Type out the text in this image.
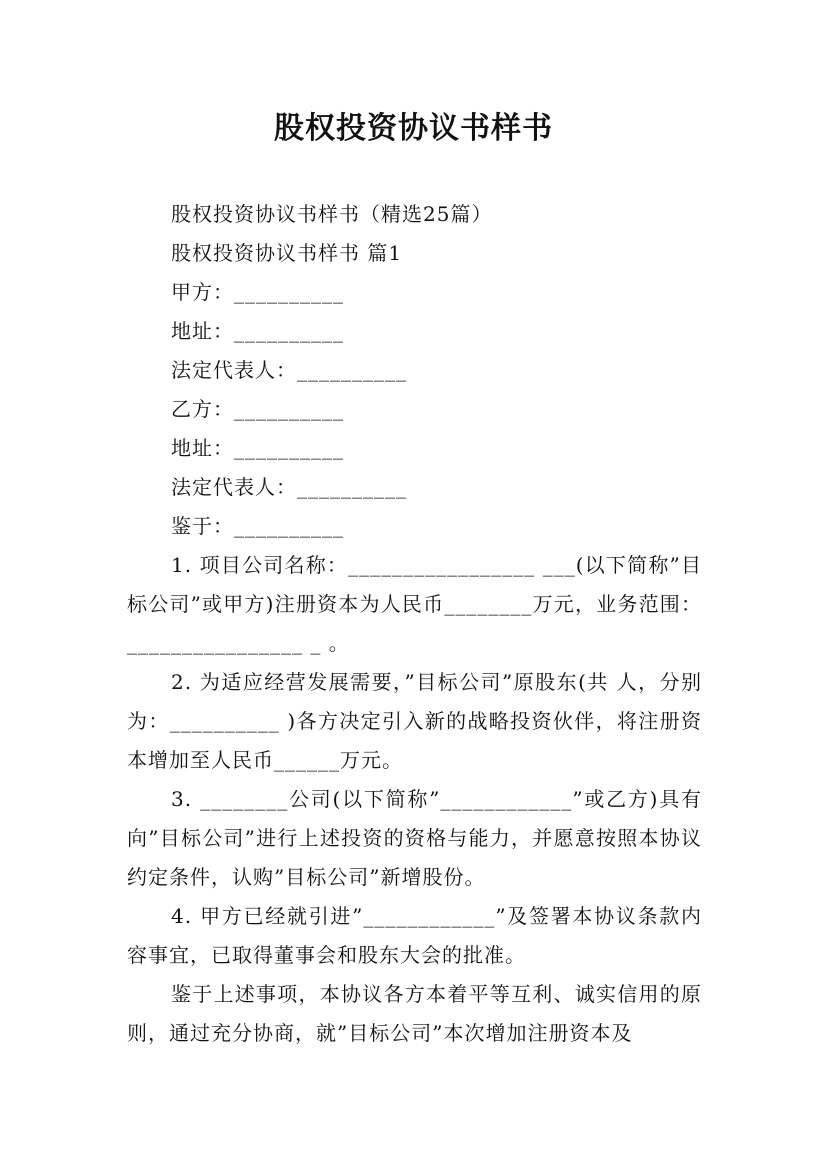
股权投资协议书样书
股权投资协议书样书（精选25篇）
股权投资协议书样书 篇1
甲方：__________
地址：__________
法定代表人：__________
乙方：__________
地址：__________
法定代表人：__________
鉴于：__________

1. 项目公司名称：_________________ ___(以下简称”目标公司”或甲方)注册资本为人民币________万元，业务范围：________________ _ 。

2. 为适应经营发展需要，”目标公司”原股东(共 人，分别为：__________ )各方决定引入新的战略投资伙伴，将注册资本增加至人民币______万元。

3. ________公司(以下简称”____________”或乙方)具有向”目标公司”进行上述投资的资格与能力，并愿意按照本协议约定条件，认购”目标公司”新增股份。

4. 甲方已经就引进”____________”及签署本协议条款内容事宜，已取得董事会和股东大会的批准。

鉴于上述事项，本协议各方本着平等互利、诚实信用的原则，通过充分协商，就”目标公司”本次增加注册资本及
